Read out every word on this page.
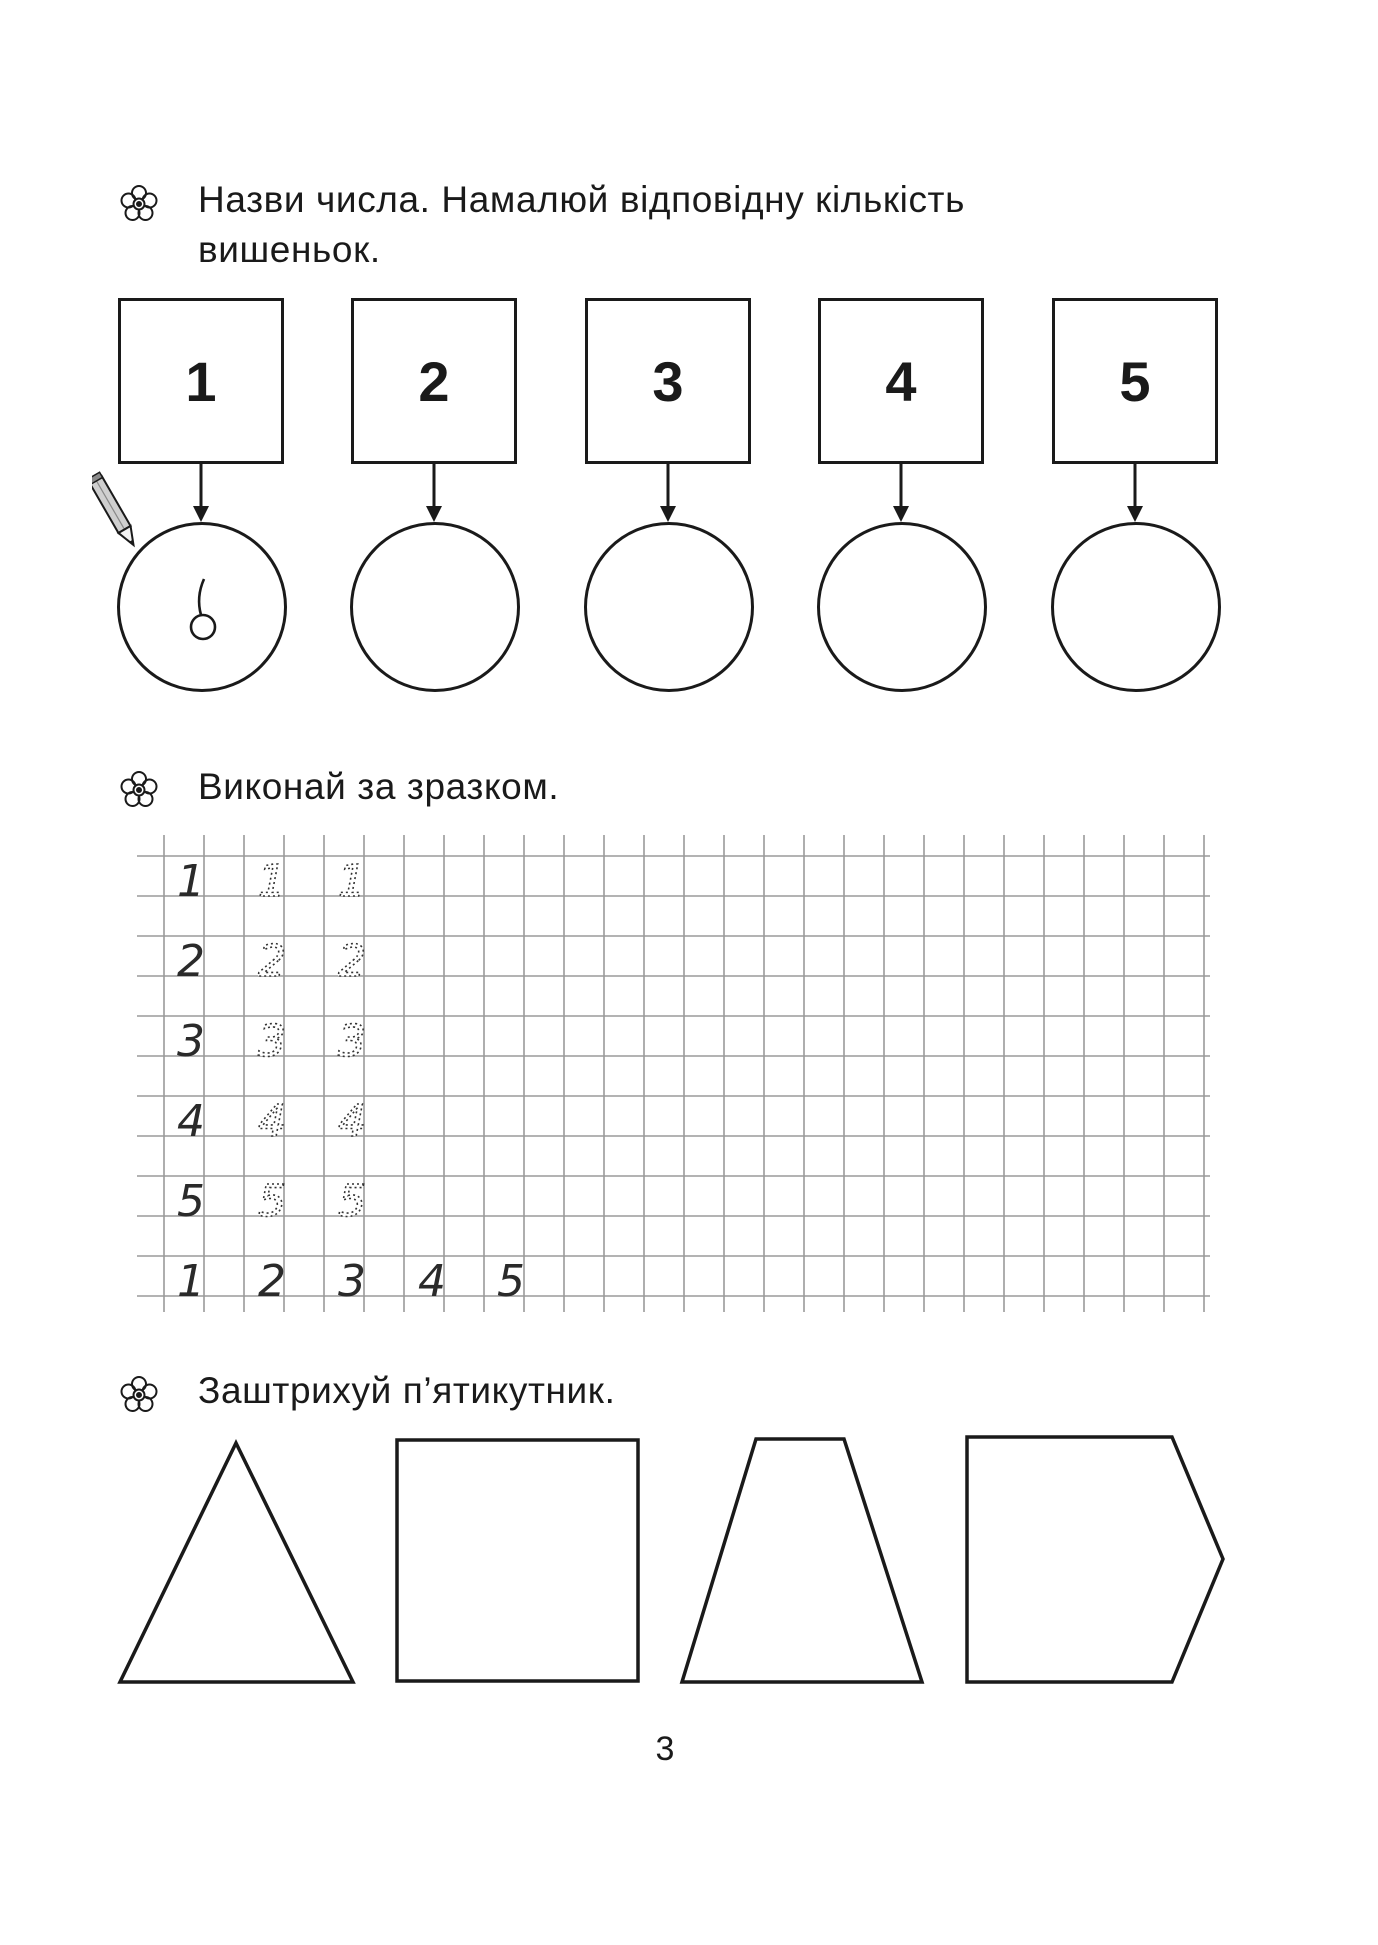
Назви числа. Намалюй відповідну кількість
вишеньок.
1	2	3	4	5
Виконай за зразком.
1 1 1
2 2 2
3 3 3
4 4 4
5 5 5
1 2 3 4 5
Заштрихуй п’ятикутник.
3
